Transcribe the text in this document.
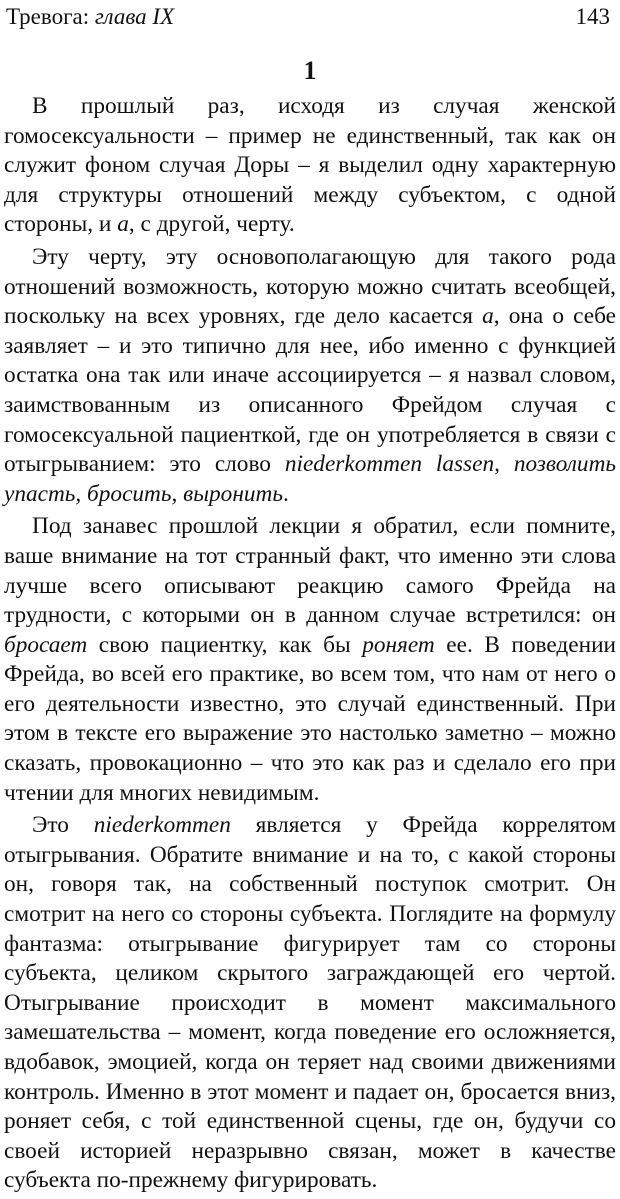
Тревога: глава IX	143
1

В прошлый раз, исходя из случая женской гомосексуальности – пример не единственный, так как он служит фоном случая Доры – я выделил одну характерную для структуры отношений между субъектом, с одной стороны, и а, с другой, черту.

Эту черту, эту основополагающую для такого рода отношений возможность, которую можно считать всеобщей, поскольку на всех уровнях, где дело касается а, она о себе заявляет – и это типично для нее, ибо именно с функцией остатка она так или иначе ассоциируется – я назвал словом, заимствованным из описанного Фрейдом случая с гомосексуальной пациенткой, где он употребляется в связи с отыгрыванием: это слово niederkommen lassen, позволить упасть, бросить, выронить.

Под занавес прошлой лекции я обратил, если помните, ваше внимание на тот странный факт, что именно эти слова лучше всего описывают реакцию самого Фрейда на трудности, с которыми он в данном случае встретился: он бросает свою пациентку, как бы роняет ее. В поведении Фрейда, во всей его практике, во всем том, что нам от него о его деятельности известно, это случай единственный. При этом в тексте его выражение это настолько заметно – можно сказать, провокационно – что это как раз и сделало его при чтении для многих невидимым.

Это niederkommen является у Фрейда коррелятом отыгрывания. Обратите внимание и на то, с какой стороны он, говоря так, на собственный поступок смотрит. Он смотрит на него со стороны субъекта. Поглядите на формулу фантазма: отыгрывание фигурирует там со стороны субъекта, целиком скрытого заграждающей его чертой. Отыгрывание происходит в момент максимального замешательства – момент, когда поведение его осложняется, вдобавок, эмоцией, когда он теряет над своими движениями контроль. Именно в этот момент и падает он, бросается вниз, роняет себя, с той единственной сцены, где он, будучи со своей историей неразрывно связан, может в качестве субъекта по-прежнему фигурировать.
